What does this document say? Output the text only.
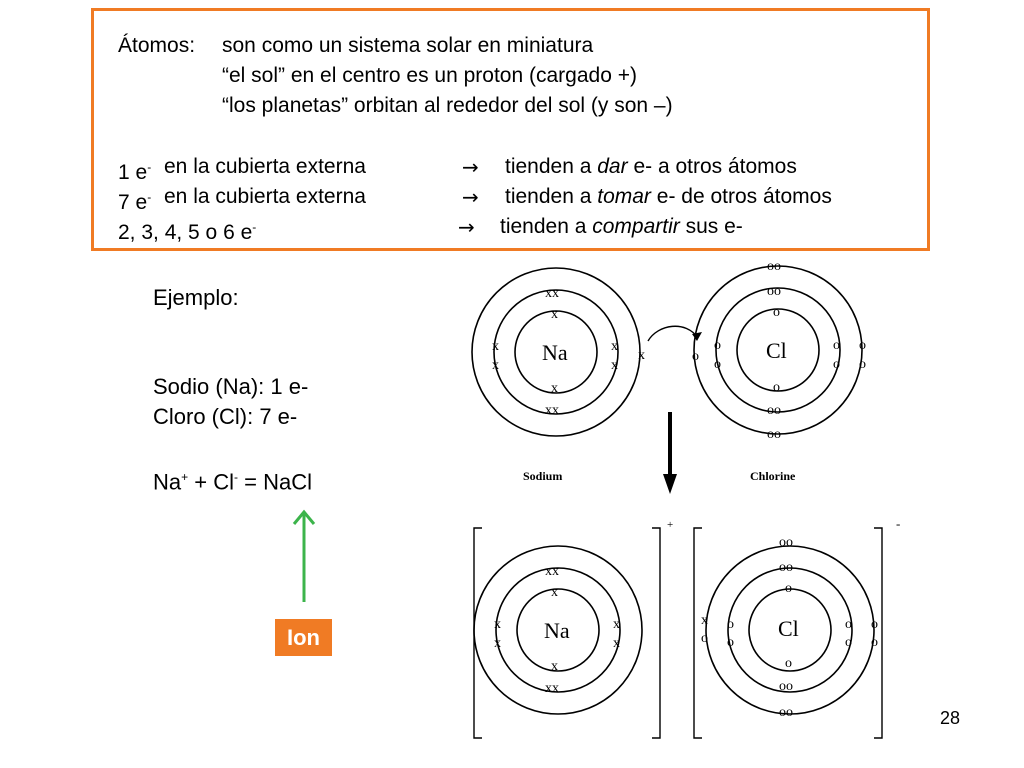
Átomos: son como un sistema solar en miniatura
“el sol” en el centro es un proton (cargado +)
“los planetas” orbitan al rededor del sol (y son –)
1 e- en la cubierta externa	→ tienden a dar e- a otros átomos
7 e- en la cubierta externa	→ tienden a tomar e- de otros átomos
2, 3, 4, 5 o 6 e-	→ tienden a compartir sus e-
Ejemplo:
Sodio (Na): 1 e-
Cloro (Cl): 7 e-
Na+ + Cl- = NaCl
Ion
28
Na	Cl
Na	Cl
Sodium	Chlorine
+	-
xx
x
x
xx
x
x
x
x
x
oo
oo
o
o
oo
oo
o
o
o
o
o
o
o
xx
x
x
xx
x
x
x
x
oo
oo
o
o
oo
oo
x
o
o
o
o
o
o
o
